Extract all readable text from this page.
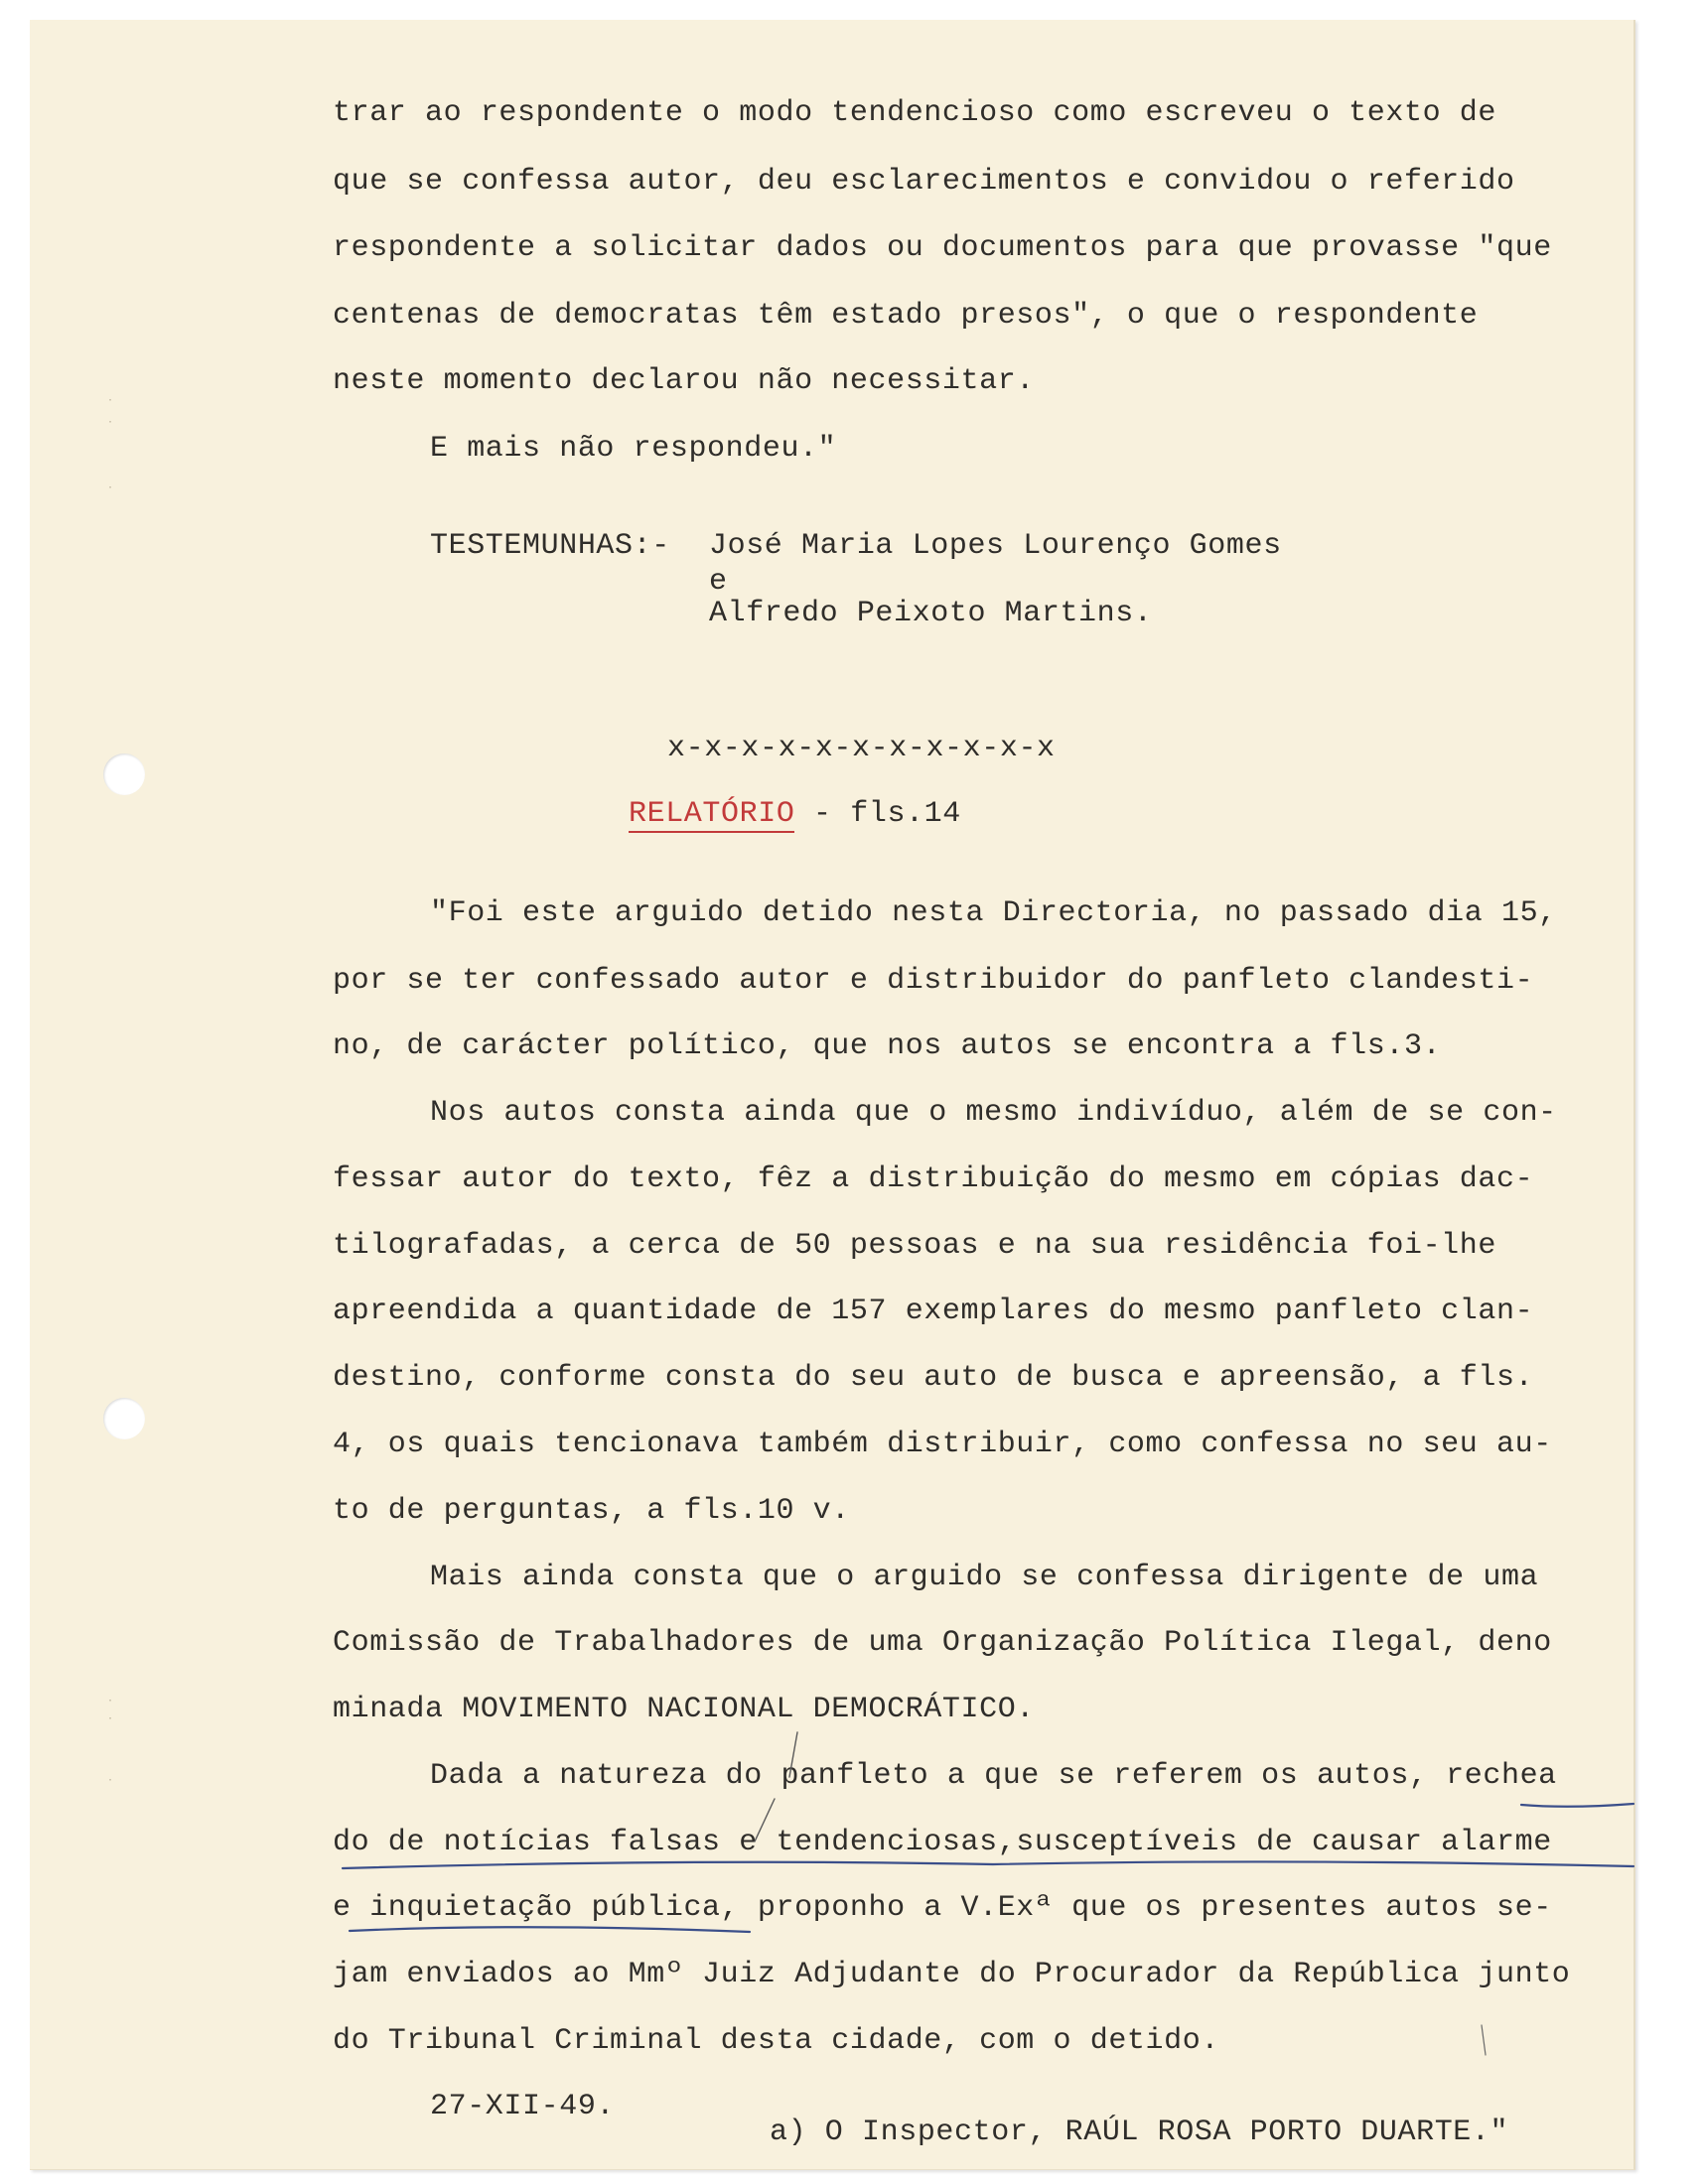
·
·
·
·
·
·
trar ao respondente o modo tendencioso como escreveu o texto de
que se confessa autor, deu esclarecimentos e convidou o referido
respondente a solicitar dados ou documentos para que provasse "que
centenas de democratas têm estado presos", o que o respondente
neste momento declarou não necessitar.
E mais não respondeu."
TESTEMUNHAS:- José Maria Lopes Lourenço Gomes
e
Alfredo Peixoto Martins.
x-x-x-x-x-x-x-x-x-x-x
RELATÓRIO - fls.14
"Foi este arguido detido nesta Directoria, no passado dia 15,
por se ter confessado autor e distribuidor do panfleto clandesti-
no, de carácter político, que nos autos se encontra a fls.3.
Nos autos consta ainda que o mesmo indivíduo, além de se con-
fessar autor do texto, fêz a distribuição do mesmo em cópias dac-
tilografadas, a cerca de 50 pessoas e na sua residência foi-lhe
apreendida a quantidade de 157 exemplares do mesmo panfleto clan-
destino, conforme consta do seu auto de busca e apreensão, a fls.
4, os quais tencionava também distribuir, como confessa no seu au-
to de perguntas, a fls.10 v.
Mais ainda consta que o arguido se confessa dirigente de uma
Comissão de Trabalhadores de uma Organização Política Ilegal, deno
minada MOVIMENTO NACIONAL DEMOCRÁTICO.
Dada a natureza do panfleto a que se referem os autos, rechea
do de notícias falsas e tendenciosas,susceptíveis de causar alarme
e inquietação pública, proponho a V.Exª que os presentes autos se-
jam enviados ao Mmº Juiz Adjudante do Procurador da República junto
do Tribunal Criminal desta cidade, com o detido.
27-XII-49.
a) O Inspector, RAÚL ROSA PORTO DUARTE."
